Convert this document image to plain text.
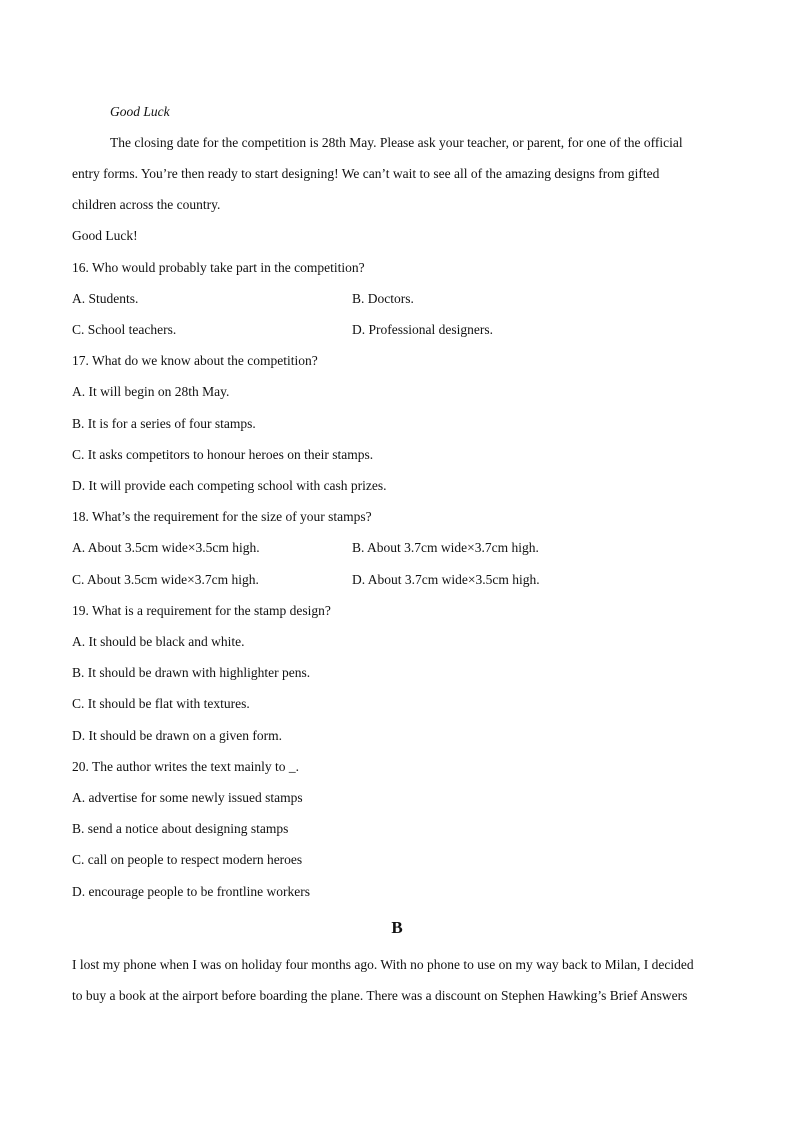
Good Luck
The closing date for the competition is 28th May. Please ask your teacher, or parent, for one of the official
entry forms. You’re then ready to start designing! We can’t wait to see all of the amazing designs from gifted
children across the country.
Good Luck!
16. Who would probably take part in the competition?
A. Students.	B. Doctors.
C. School teachers.	D. Professional designers.
17. What do we know about the competition?
A. It will begin on 28th May.
B. It is for a series of four stamps.
C. It asks competitors to honour heroes on their stamps.
D. It will provide each competing school with cash prizes.
18. What’s the requirement for the size of your stamps?
A. About 3.5cm wide×3.5cm high.	B. About 3.7cm wide×3.7cm high.
C. About 3.5cm wide×3.7cm high.	D. About 3.7cm wide×3.5cm high.
19. What is a requirement for the stamp design?
A. It should be black and white.
B. It should be drawn with highlighter pens.
C. It should be flat with textures.
D. It should be drawn on a given form.
20. The author writes the text mainly to _.
A. advertise for some newly issued stamps
B. send a notice about designing stamps
C. call on people to respect modern heroes
D. encourage people to be frontline workers
B
I lost my phone when I was on holiday four months ago. With no phone to use on my way back to Milan, I decided
to buy a book at the airport before boarding the plane. There was a discount on Stephen Hawking’s Brief Answers
